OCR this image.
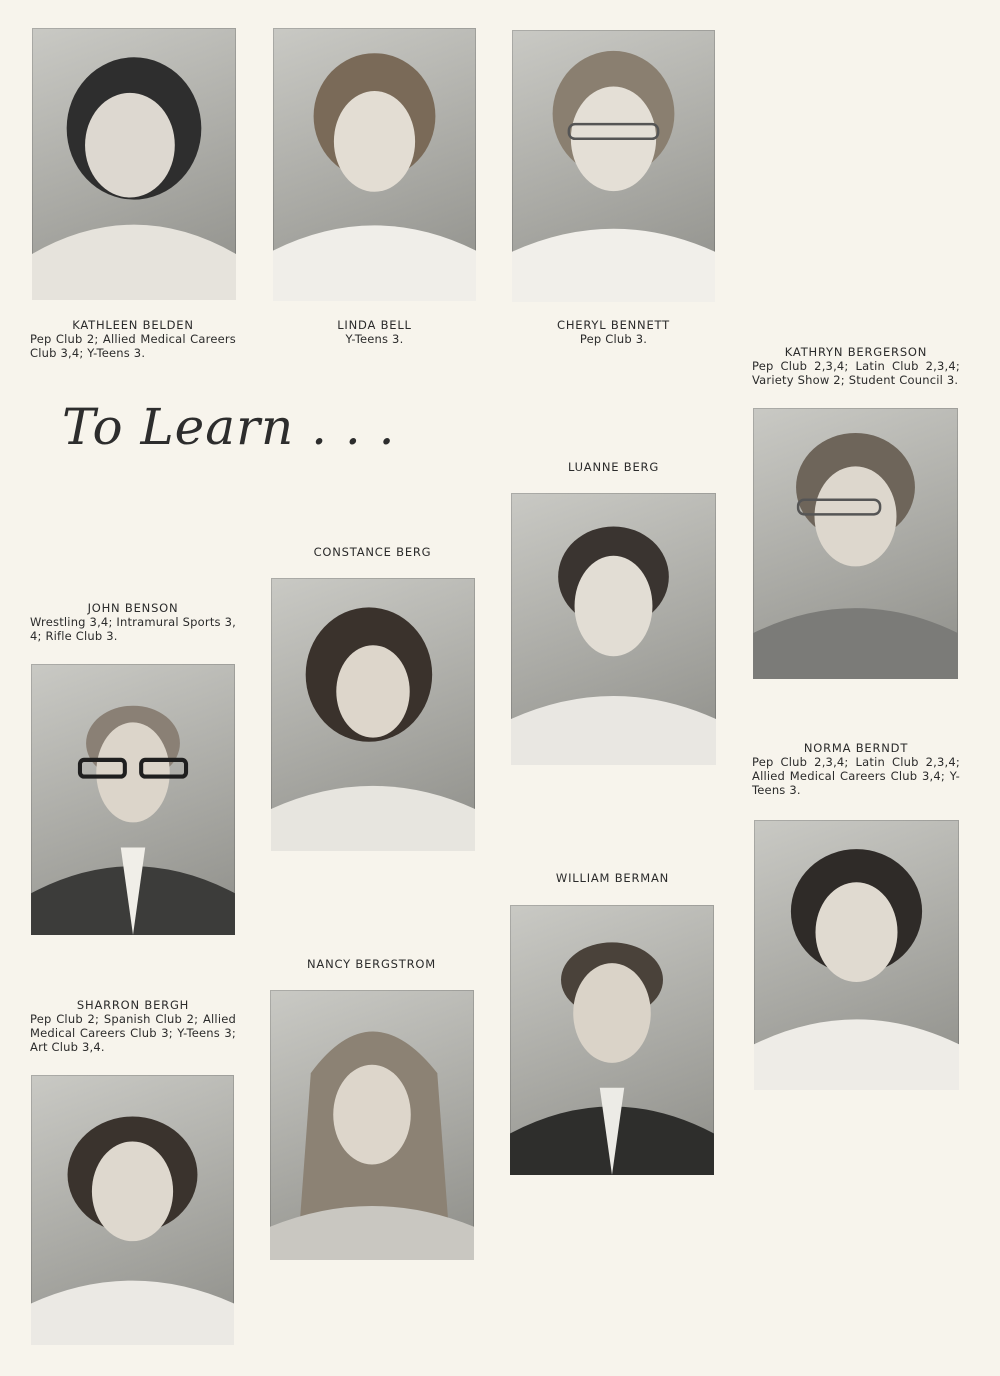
To Learn . . .
KATHLEEN BELDEN
Pep Club 2; Allied Medical Careers Club 3,4; Y-Teens 3.
LINDA BELL
Y-Teens 3.
CHERYL BENNETT
Pep Club 3.
KATHRYN BERGERSON
Pep Club 2,3,4; Latin Club 2,3,4; Variety Show 2; Student Council 3.
LUANNE BERG
CONSTANCE BERG
JOHN BENSON
Wrestling 3,4; Intramural Sports 3, 4; Rifle Club 3.
NORMA BERNDT
Pep Club 2,3,4; Latin Club 2,3,4; Allied Medical Careers Club 3,4; Y-Teens 3.
WILLIAM BERMAN
NANCY BERGSTROM
SHARRON BERGH
Pep Club 2; Spanish Club 2; Allied Medical Careers Club 3; Y-Teens 3; Art Club 3,4.
